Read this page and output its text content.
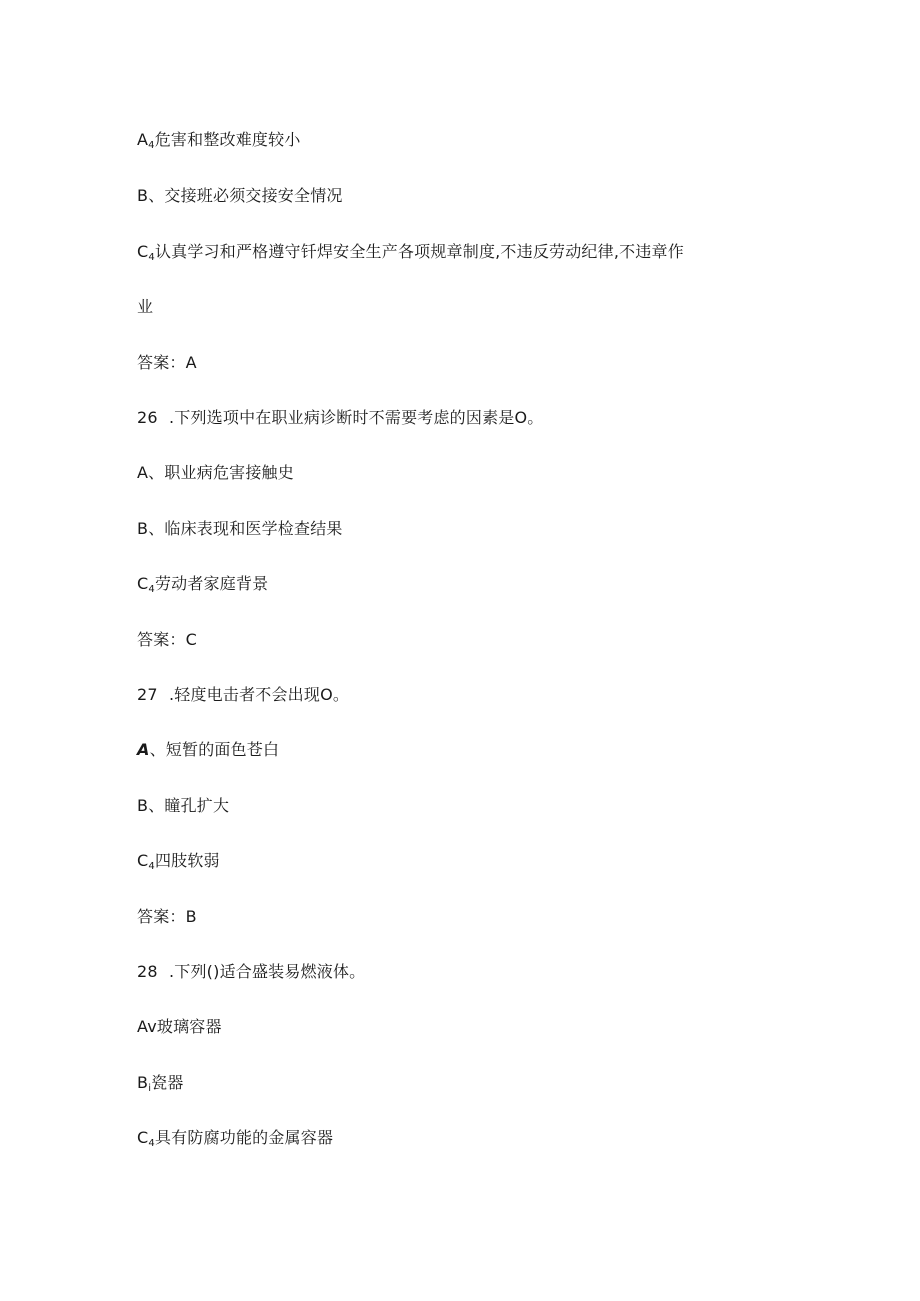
$A_4$危害和整改难度较小
B、交接班必须交接安全情况
$C_4$认真学习和严格遵守钎焊安全生产各项规章制度,不违反劳动纪律,不违章作
业
答案：A
26 .下列选项中在职业病诊断时不需要考虑的因素是O。
A、职业病危害接触史
B、临床表现和医学检查结果
$C_4$劳动者家庭背景
答案：C
27 .轻度电击者不会出现O。
A、短暂的面色苍白
B、瞳孔扩大
$C_4$四肢软弱
答案：B
28 .下列()适合盛装易燃液体。
Av玻璃容器
$B_i$瓷器
$C_4$具有防腐功能的金属容器
